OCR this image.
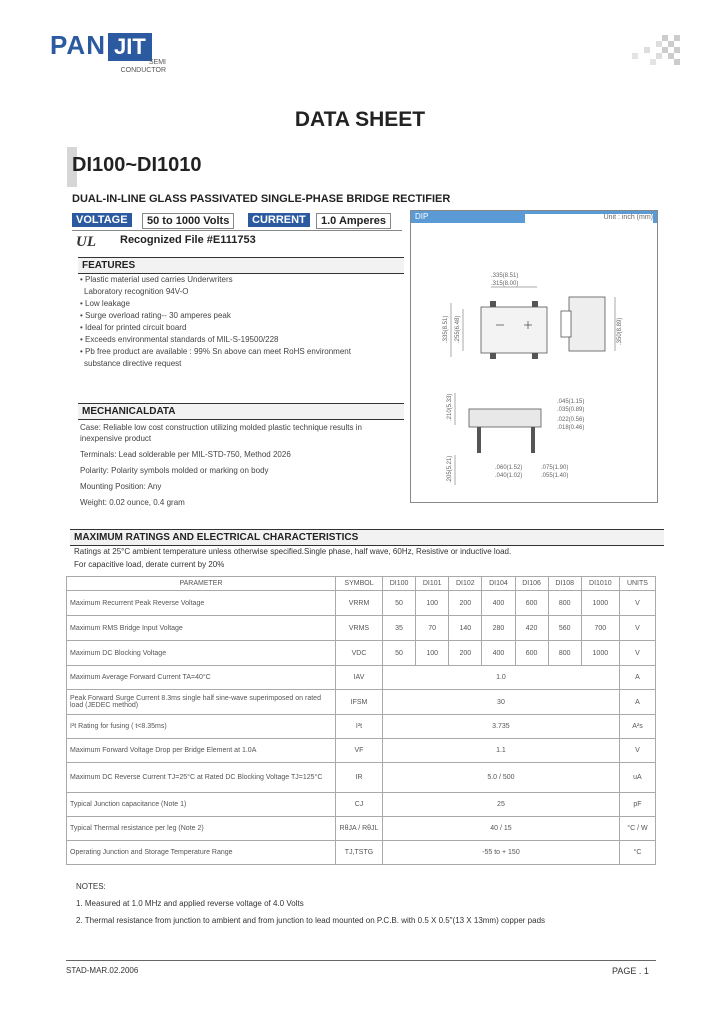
PAN JIT
SEMI
CONDUCTOR
DATA SHEET
DI100~DI1010
DUAL-IN-LINE GLASS PASSIVATED SINGLE-PHASE BRIDGE RECTIFIER
VOLTAGE	50 to 1000 Volts	CURRENT	1.0 Amperes
UL Recognized File #E111753
FEATURES
• Plastic material used carries Underwriters
Laboratory recognition 94V-O
• Low leakage
• Surge overload rating-- 30 amperes peak
• Ideal for printed circuit board
• Exceeds environmental standards of MIL-S-19500/228
• Pb free product are available : 99% Sn above can meet RoHS environment
substance directive request
MECHANICALDATA
Case: Reliable low cost construction utilizing molded plastic technique results in inexpensive product
Terminals: Lead solderable per MIL-STD-750, Method 2026
Polarity: Polarity symbols molded or marking on body
Mounting Position: Any
Weight: 0.02 ounce, 0.4 gram
DIP	Unit : inch (mm)
.335(8.51)
.315(8.00)
.335(8.51) .255(6.48)	.350(8.89)
.045(1.15)
.035(0.89)
.022(0.56)
.018(0.46)
.210(5.33)
.205(5.21)	.060(1.52)
.040(1.02)
.075(1.90)
.055(1.40)
MAXIMUM RATINGS AND ELECTRICAL CHARACTERISTICS
Ratings at 25°C ambient temperature unless otherwise specified.Single phase, half wave, 60Hz, Resistive or inductive load.
For capacitive load, derate current by 20%
PARAMETER	SYMBOL	DI100	DI101	DI102	DI104	DI106	DI108	DI1010	UNITS
Maximum Recurrent Peak Reverse Voltage	VRRM	50	100	200	400	600	800	1000	V
Maximum RMS Bridge Input Voltage	VRMS	35	70	140	280	420	560	700	V
Maximum DC Blocking Voltage	VDC	50	100	200	400	600	800	1000	V
Maximum Average Forward Current TA=40°C	IAV	1.0							A
Peak Forward Surge Current 8.3ms single half sine-wave superimposed on rated load (JEDEC method)	IFSM	30							A
I²t Rating for fusing ( t<8.35ms)	I²t	3.735							A²s
Maximum Forward Voltage Drop per Bridge Element at 1.0A	VF	1.1							V
Maximum DC Reverse Current TJ=25°C at Rated DC Blocking Voltage TJ=125°C	IR	5.0 / 500							uA
Typical Junction capacitance (Note 1)	CJ	25							pF
Typical Thermal resistance per leg (Note 2)	RθJA / RθJL	40 / 15							°C / W
Operating Junction and Storage Temperature Range	TJ,TSTG	-55 to + 150							°C
NOTES:
1. Measured at 1.0 MHz and applied reverse voltage of 4.0 Volts
2. Thermal resistance from junction to ambient and from junction to lead mounted on P.C.B. with 0.5 X 0.5"(13 X 13mm) copper pads
STAD-MAR.02.2006	PAGE . 1
